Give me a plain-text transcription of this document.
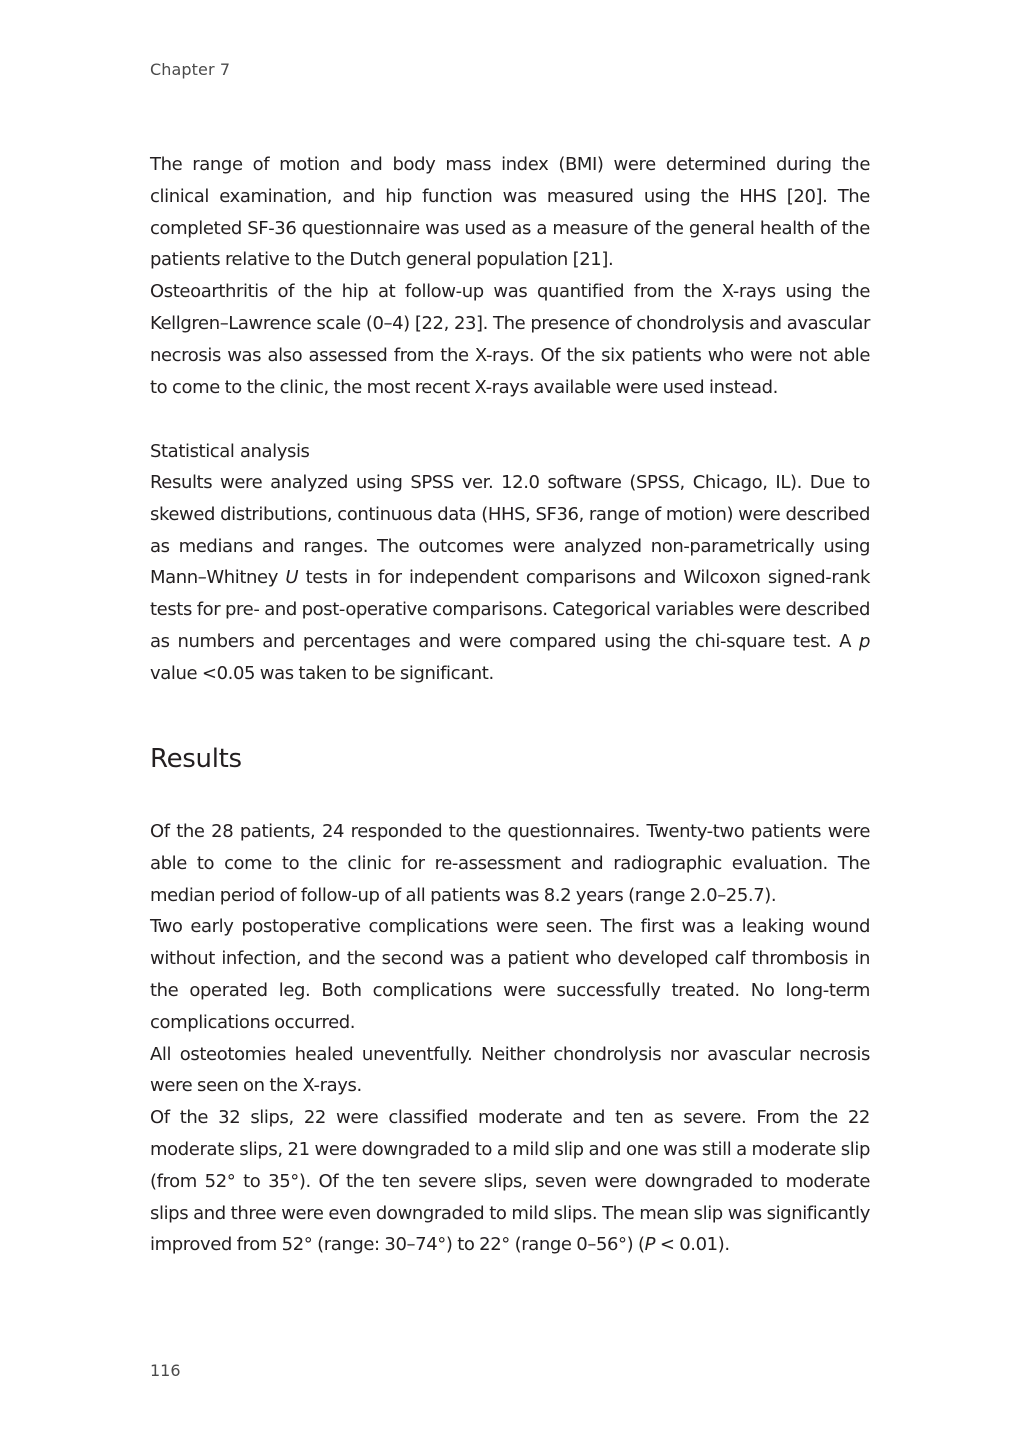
Chapter 7

The range of motion and body mass index (BMI) were determined during the clinical examination, and hip function was measured using the HHS [20]. The completed SF-36 questionnaire was used as a measure of the general health of the patients relative to the Dutch general population [21].

Osteoarthritis of the hip at follow-up was quantified from the X-rays using the Kellgren–Lawrence scale (0–4) [22, 23]. The presence of chondrolysis and avascular necrosis was also assessed from the X-rays. Of the six patients who were not able to come to the clinic, the most recent X-rays available were used instead.

Statistical analysis

Results were analyzed using SPSS ver. 12.0 software (SPSS, Chicago, IL). Due to skewed distributions, continuous data (HHS, SF36, range of motion) were described as medians and ranges. The outcomes were analyzed non-parametrically using Mann–Whitney U tests in for independent comparisons and Wilcoxon signed-rank tests for pre- and post-operative comparisons. Categorical variables were described as numbers and percentages and were compared using the chi-square test. A p value <0.05 was taken to be significant.

Results

Of the 28 patients, 24 responded to the questionnaires. Twenty-two patients were able to come to the clinic for re-assessment and radiographic evaluation. The median period of follow-up of all patients was 8.2 years (range 2.0–25.7).

Two early postoperative complications were seen. The first was a leaking wound without infection, and the second was a patient who developed calf thrombosis in the operated leg. Both complications were successfully treated. No long-term complications occurred.

All osteotomies healed uneventfully. Neither chondrolysis nor avascular necrosis were seen on the X-rays.

Of the 32 slips, 22 were classified moderate and ten as severe. From the 22 moderate slips, 21 were downgraded to a mild slip and one was still a moderate slip (from 52° to 35°). Of the ten severe slips, seven were downgraded to moderate slips and three were even downgraded to mild slips. The mean slip was significantly improved from 52° (range: 30–74°) to 22° (range 0–56°) (P < 0.01).

116
